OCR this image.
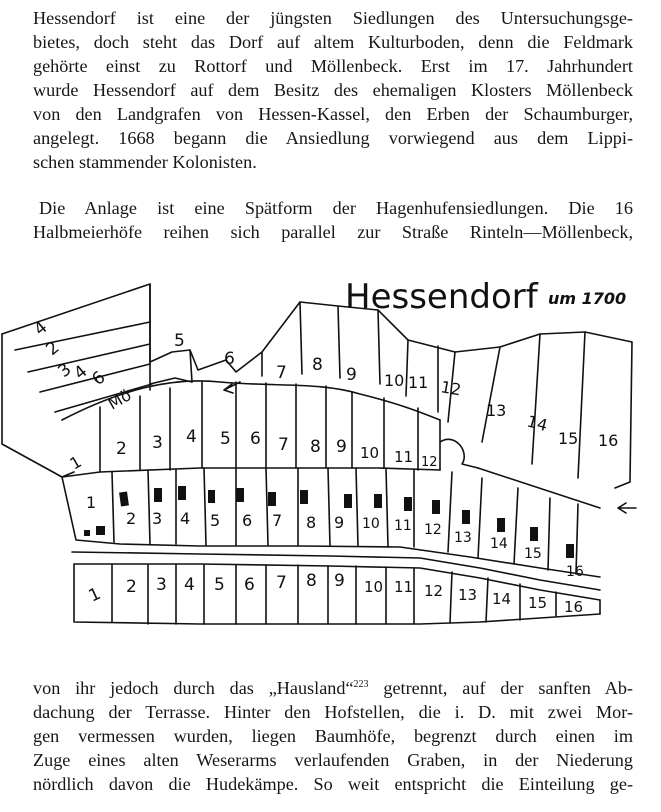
Hessendorf ist eine der jüngsten Siedlungen des Untersuchungsge-
bietes, doch steht das Dorf auf altem Kulturboden, denn die Feldmark
gehörte einst zu Rottorf und Möllenbeck. Erst im 17. Jahrhundert
wurde Hessendorf auf dem Besitz des ehemaligen Klosters Möllenbeck
von den Landgrafen von Hessen-Kassel, den Erben der Schaumburger,
angelegt. 1668 begann die Ansiedlung vorwiegend aus dem Lippi-
schen stammender Kolonisten.
Die Anlage ist eine Spätform der Hagenhufensiedlungen. Die 16
Halbmeierhöfe reihen sich parallel zur Straße Rinteln—Möllenbeck,
Hessendorf um 1700
4
2
3
4
6
Mö
5
6
7 8 9 10 11 12
13
14
15 16
1
2 3 4 5 6 7 8 9 10 11 12
1
2 3 4 5 6 7 8 9 10 11 12 13 14
15
16
1 2 3 4 5 6 7 8 9 10 11 12 13 14 15 16
von ihr jedoch durch das „Hausland“$^{223}$ getrennt, auf der sanften Ab-
dachung der Terrasse. Hinter den Hofstellen, die i. D. mit zwei Mor-
gen vermessen wurden, liegen Baumhöfe, begrenzt durch einen im
Zuge eines alten Weserarms verlaufenden Graben, in der Niederung
nördlich davon die Hudekämpe. So weit entspricht die Einteilung ge-
